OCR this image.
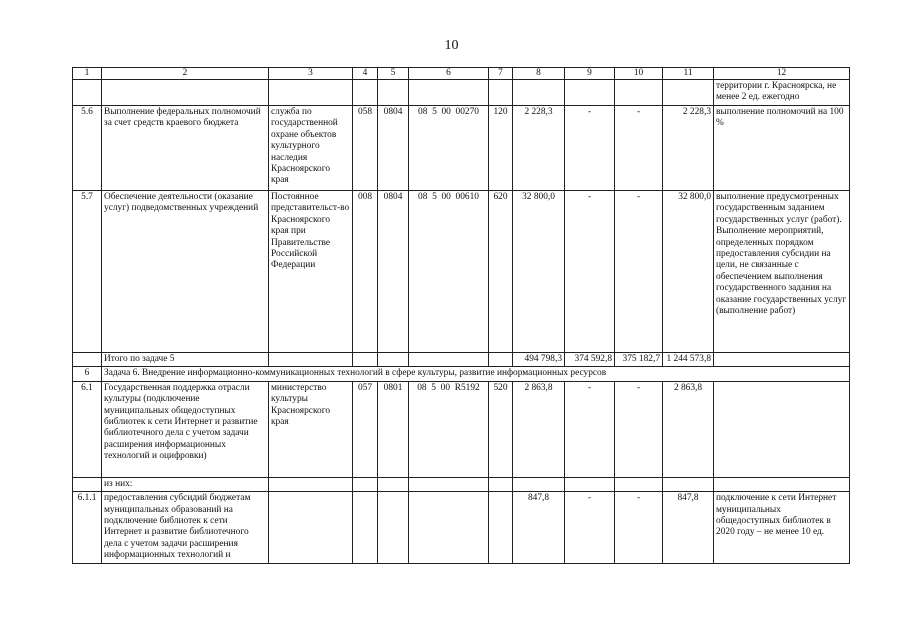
10
1	2	3	4	5	6	7	8	9	10	11	12
											территории г. Красноярска, не менее 2 ед. ежегодно
5.6	Выполнение федеральных полномочий за счет средств краевого бюджета	служба по государственной охране объектов культурного наследия Красноярского края	058	0804	08  5  00  00270	120	2 228,3	-	-	2 228,3	выполнение полномочий на 100 %
5.7	Обеспечение деятельности (оказание услуг) подведомственных учреждений	Постоянное представительст-во Красноярского края при Правительстве Российской Федерации	008	0804	08  5  00  00610	620	32 800,0	-	-	32 800,0	выполнение предусмотренных государственным заданием государственных услуг (работ). Выполнение мероприятий, определенных порядком предоставления субсидии на цели, не связанные с обеспечением выполнения государственного задания на оказание государственных услуг (выполнение работ)
	Итого по задаче 5						494 798,3	374 592,8	375 182,7	1 244 573,8	
6	Задача 6. Внедрение информационно-коммуникационных технологий в сфере культуры, развитие информационных ресурсов										
6.1	Государственная поддержка отрасли культуры (подключение муниципальных общедоступных библиотек к сети Интернет и развитие библиотечного дела с учетом задачи расширения информационных технологий и оцифровки)	министерство культуры Красноярского края	057	0801	08  5  00  R5192	520	2 863,8	-	-	2 863,8	
	из них:										
6.1.1	предоставления субсидий бюджетам муниципальных образований на подключение библиотек к сети Интернет и развитие библиотечного дела с учетом задачи расширения информационных технологий и						847,8	-	-	847,8	подключение к сети Интернет муниципальных общедоступных библиотек в 2020 году – не менее 10 ед.
